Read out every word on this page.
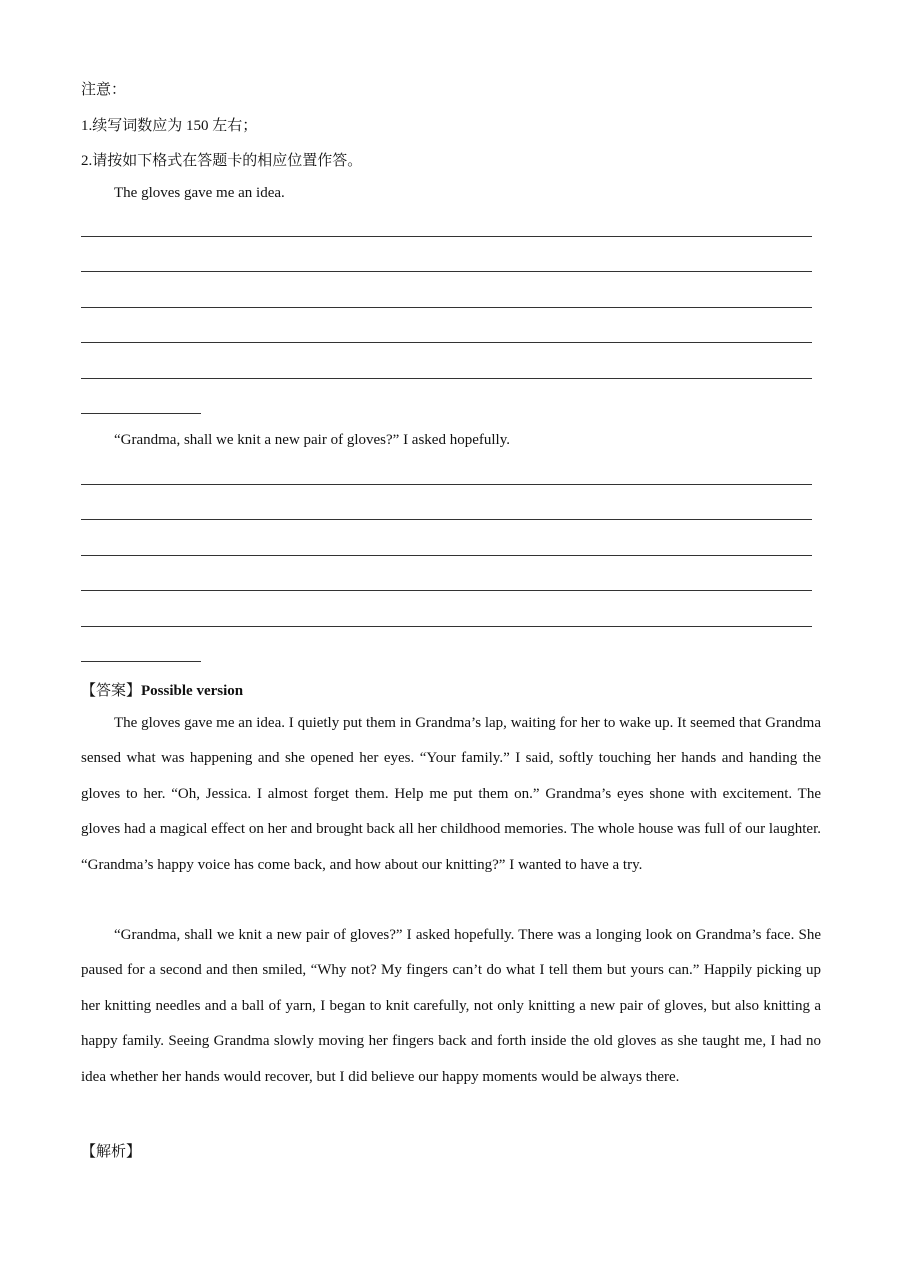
注意：
1.续写词数应为 150 左右；
2.请按如下格式在答题卡的相应位置作答。
The gloves gave me an idea.
“Grandma, shall we knit a new pair of gloves?” I asked hopefully.
【答案】Possible version
The gloves gave me an idea. I quietly put them in Grandma’s lap, waiting for her to wake up. It seemed that Grandma sensed what was happening and she opened her eyes. “Your family.” I said, softly touching her hands and handing the gloves to her. “Oh, Jessica. I almost forget them. Help me put them on.” Grandma’s eyes shone with excitement. The gloves had a magical effect on her and brought back all her childhood memories. The whole house was full of our laughter. “Grandma’s happy voice has come back, and how about our knitting?” I wanted to have a try.
“Grandma, shall we knit a new pair of gloves?” I asked hopefully. There was a longing look on Grandma’s face. She paused for a second and then smiled, “Why not? My fingers can’t do what I tell them but yours can.” Happily picking up her knitting needles and a ball of yarn, I began to knit carefully, not only knitting a new pair of gloves, but also knitting a happy family. Seeing Grandma slowly moving her fingers back and forth inside the old gloves as she taught me, I had no idea whether her hands would recover, but I did believe our happy moments would be always there.
【解析】
